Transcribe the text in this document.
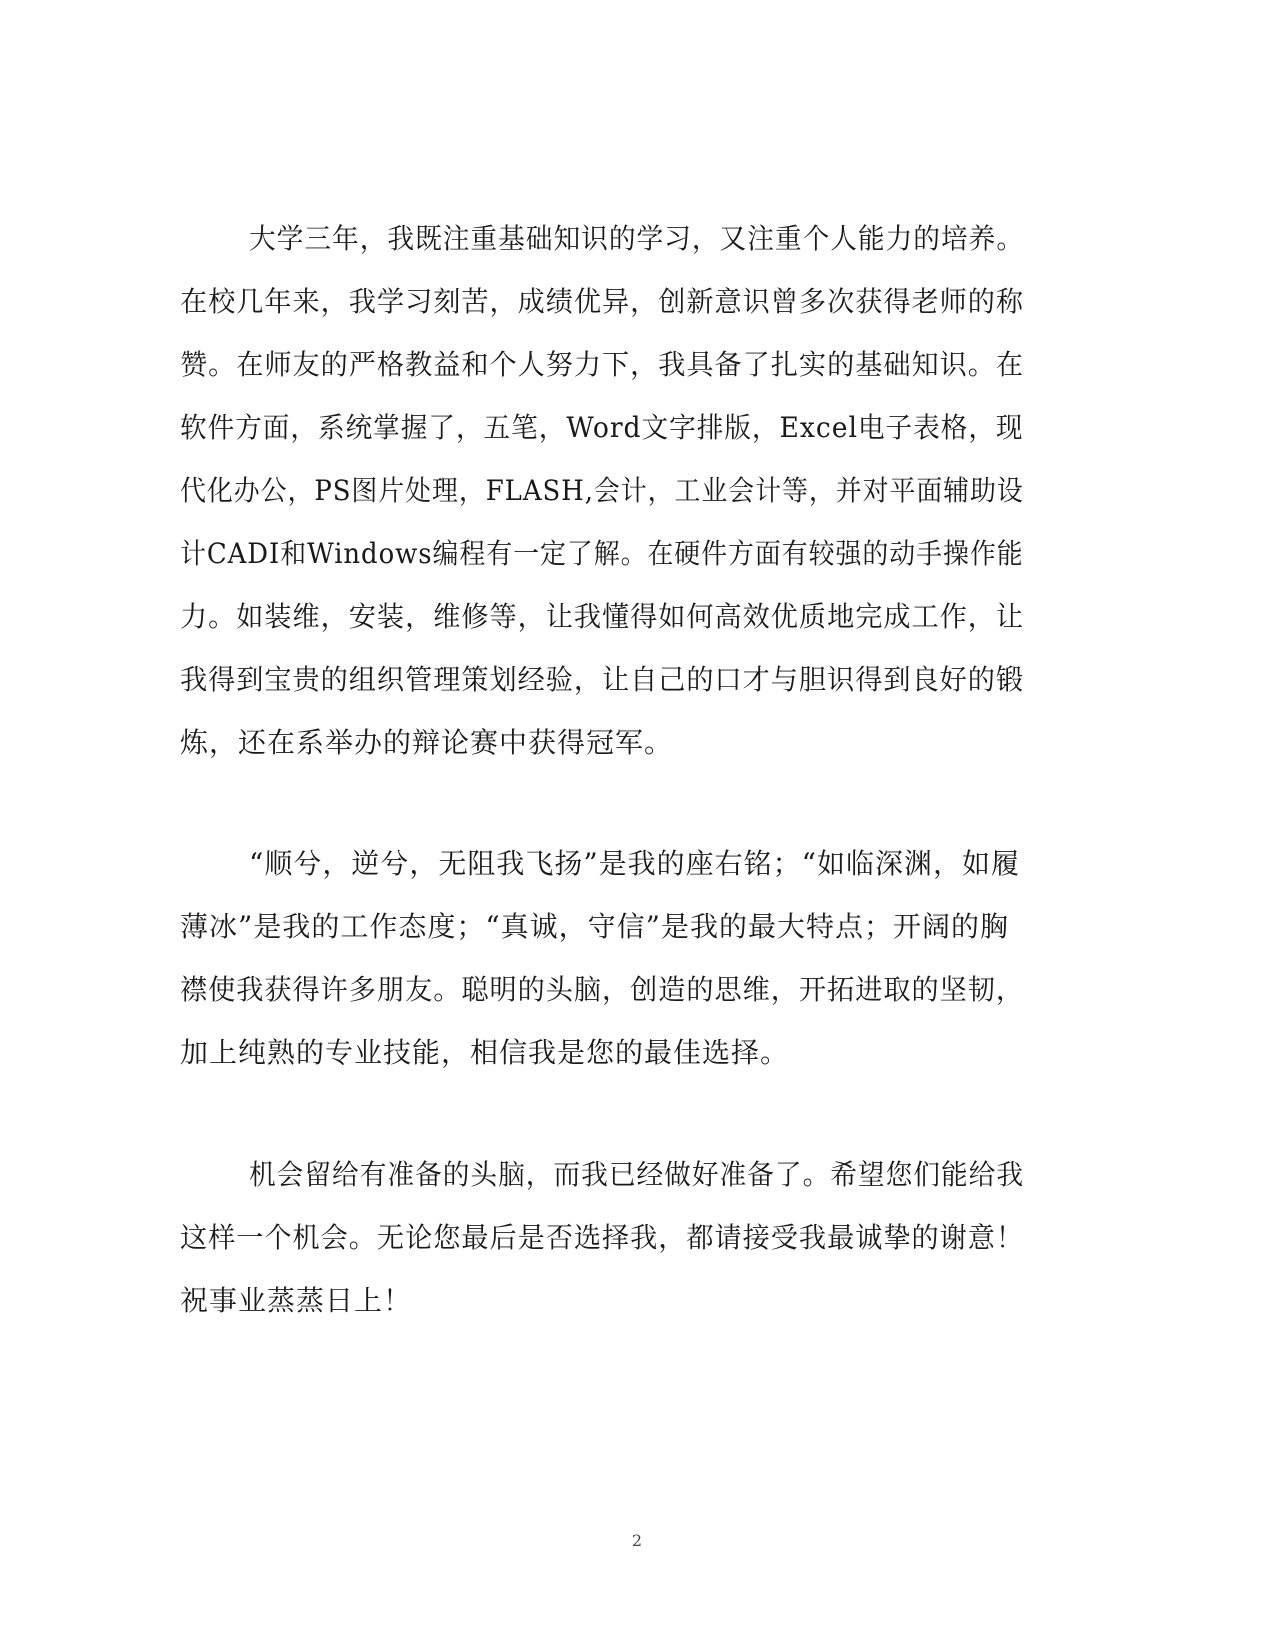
大学三年，我既注重基础知识的学习，又注重个人能力的培养。

在校几年来，我学习刻苦，成绩优异，创新意识曾多次获得老师的称

赞。在师友的严格教益和个人努力下，我具备了扎实的基础知识。在

软件方面，系统掌握了，五笔，Word文字排版，Excel电子表格，现

代化办公，PS图片处理，FLASH,会计，工业会计等，并对平面辅助设

计CADI和Windows编程有一定了解。在硬件方面有较强的动手操作能

力。如装维，安装，维修等，让我懂得如何高效优质地完成工作，让

我得到宝贵的组织管理策划经验，让自己的口才与胆识得到良好的锻

炼，还在系举办的辩论赛中获得冠军。

“顺兮，逆兮，无阻我飞扬”是我的座右铭；“如临深渊，如履

薄冰”是我的工作态度；“真诚，守信”是我的最大特点；开阔的胸

襟使我获得许多朋友。聪明的头脑，创造的思维，开拓进取的坚韧，

加上纯熟的专业技能，相信我是您的最佳选择。

机会留给有准备的头脑，而我已经做好准备了。希望您们能给我

这样一个机会。无论您最后是否选择我，都请接受我最诚挚的谢意！

祝事业蒸蒸日上！

2
